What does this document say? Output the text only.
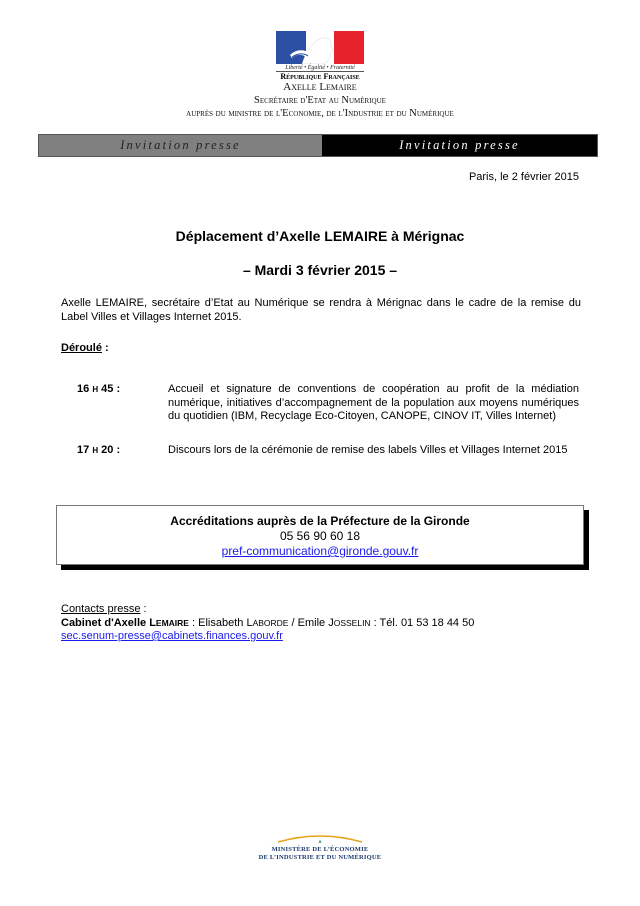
Liberté • Égalité • Fraternité
République Française
Axelle Lemaire
Secrétaire d'Etat au Numérique
auprès du ministre de l'Economie, de l'Industrie et du Numérique
Invitation presse	Invitation presse
Paris, le 2 février 2015
Déplacement d’Axelle LEMAIRE à Mérignac
– Mardi 3 février 2015 –
Axelle LEMAIRE, secrétaire d’Etat au Numérique se rendra à Mérignac dans le cadre de la remise du Label Villes et Villages Internet 2015.
Déroulé :
16 H 45 :	Accueil et signature de conventions de coopération au profit de la médiation numérique, initiatives d’accompagnement de la population aux moyens numériques du quotidien (IBM, Recyclage Eco-Citoyen, CANOPE, CINOV IT, Villes Internet)
17 H 20 :	Discours lors de la cérémonie de remise des labels Villes et Villages Internet 2015
Accréditations auprès de la Préfecture de la Gironde
05 56 90 60 18
pref-communication@gironde.gouv.fr
Contacts presse :
Cabinet d'Axelle LEMAIRE : Elisabeth LABORDE / Emile JOSSELIN : Tél. 01 53 18 44 50
sec.senum-presse@cabinets.finances.gouv.fr
MINISTÈRE DE L’ÉCONOMIE
DE L’INDUSTRIE ET DU NUMÉRIQUE
